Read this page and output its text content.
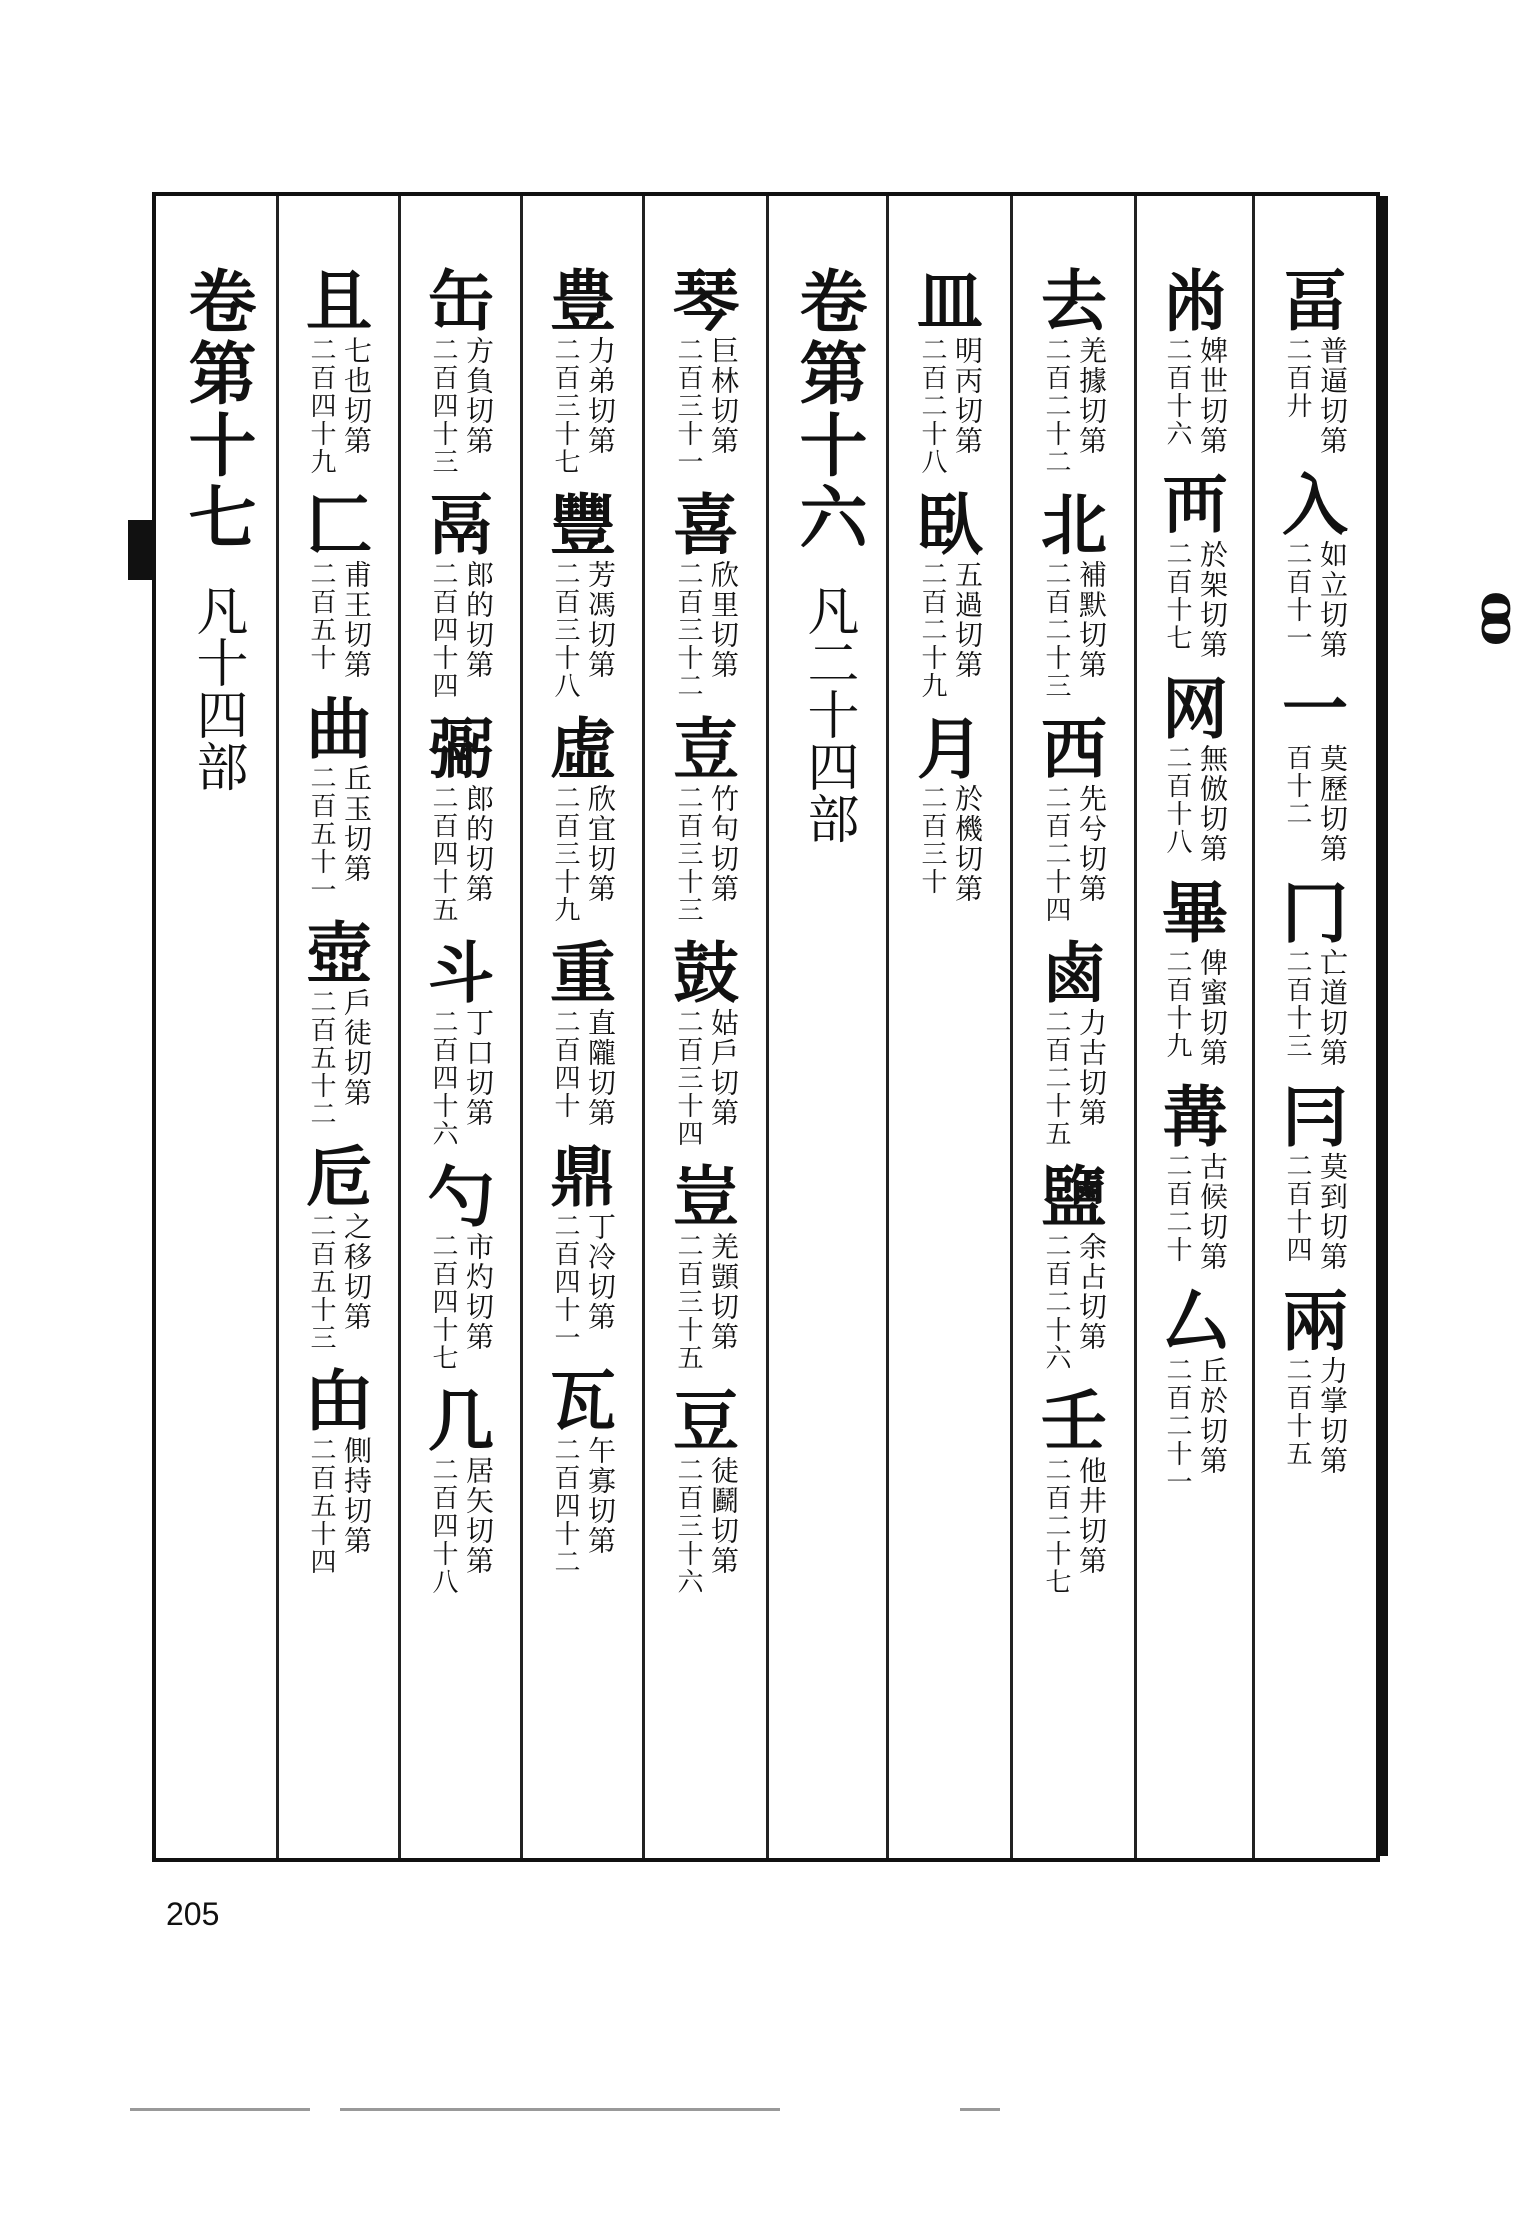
ꝏ
畐
普逼切第
二百廾
入
如立切第
二百十一
一
莫歷切第
百十二
冂
亡道切第
二百十三
冃
莫到切第
二百十四
兩
力掌切第
二百十五
㡀
婢世切第
二百十六
襾
於架切第
二百十七
网
無倣切第
二百十八
畢
俾蜜切第
二百十九
冓
古候切第
二百二十
厶
丘於切第
二百二十一
去
羌據切第
二百二十二
北
補默切第
二百二十三
西
先兮切第
二百二十四
鹵
力古切第
二百二十五
鹽
余占切第
二百二十六
壬
他井切第
二百二十七
皿
明丙切第
二百二十八
臥
五過切第
二百二十九
月
於機切第
二百三十
卷第十六
凡二十四部
琴
巨林切第
二百三十一
喜
欣里切第
二百三十二
壴
竹句切第
二百三十三
鼓
姑戶切第
二百三十四
豈
羌顗切第
二百三十五
豆
徒鬬切第
二百三十六
豊
力弟切第
二百三十七
豐
芳馮切第
二百三十八
虛
欣宜切第
二百三十九
重
直隴切第
二百四十
鼎
丁冷切第
二百四十一
瓦
午寡切第
二百四十二
缶
方負切第
二百四十三
鬲
郎的切第
二百四十四
䰜
郎的切第
二百四十五
斗
丁口切第
二百四十六
勺
市灼切第
二百四十七
几
居矢切第
二百四十八
且
七也切第
二百四十九
匚
甫王切第
二百五十
曲
丘玉切第
二百五十一
壺
戶徒切第
二百五十二
卮
之移切第
二百五十三
甶
側持切第
二百五十四
卷第十七
凡十四部
205
